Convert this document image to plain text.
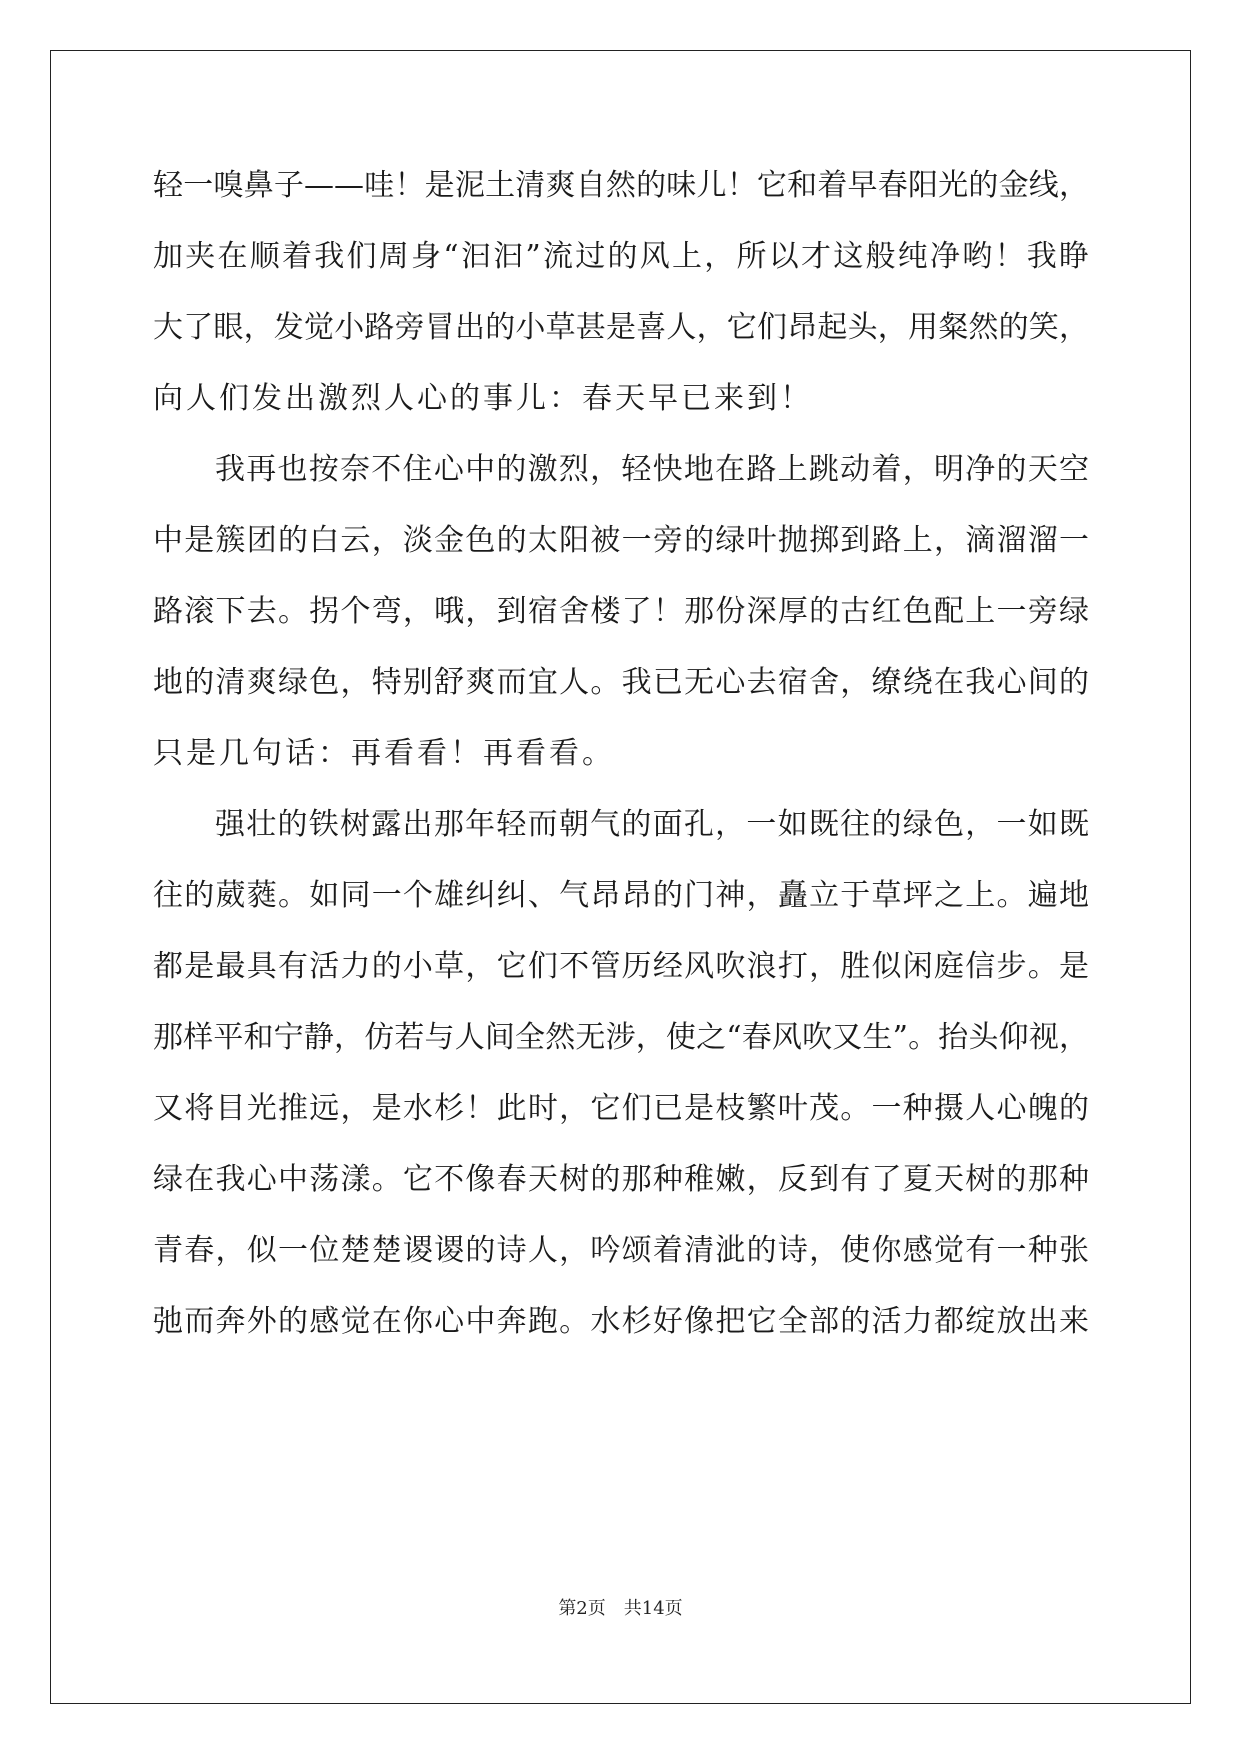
轻一嗅鼻子——哇！是泥土清爽自然的味儿！它和着早春阳光的金线，
加夹在顺着我们周身“汩汩”流过的风上，所以才这般纯净哟！我睁
大了眼，发觉小路旁冒出的小草甚是喜人，它们昂起头，用粲然的笑，
向人们发出激烈人心的事儿：春天早已来到！
我再也按奈不住心中的激烈，轻快地在路上跳动着，明净的天空
中是簇团的白云，淡金色的太阳被一旁的绿叶抛掷到路上，滴溜溜一
路滚下去。拐个弯，哦，到宿舍楼了！那份深厚的古红色配上一旁绿
地的清爽绿色，特别舒爽而宜人。我已无心去宿舍，缭绕在我心间的
只是几句话：再看看！再看看。
强壮的铁树露出那年轻而朝气的面孔，一如既往的绿色，一如既
往的葳蕤。如同一个雄纠纠、气昂昂的门神，矗立于草坪之上。遍地
都是最具有活力的小草，它们不管历经风吹浪打，胜似闲庭信步。是
那样平和宁静，仿若与人间全然无涉，使之“春风吹又生”。抬头仰视，
又将目光推远，是水杉！此时，它们已是枝繁叶茂。一种摄人心魄的
绿在我心中荡漾。它不像春天树的那种稚嫩，反到有了夏天树的那种
青春，似一位楚楚谡谡的诗人，吟颂着清泚的诗，使你感觉有一种张
弛而奔外的感觉在你心中奔跑。水杉好像把它全部的活力都绽放出来
第2页 共14页
